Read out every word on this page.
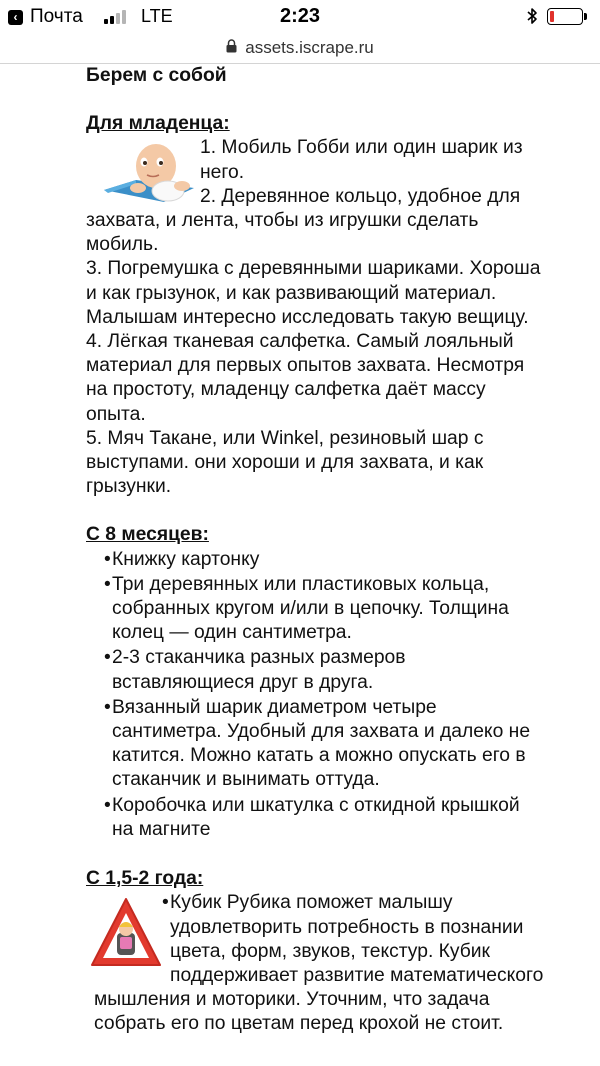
‹ Почта	LTE	2:23
assets.iscrape.ru

Берем с собой

Для младенца:

1. Мобиль Гобби или один шарик из него.

2. Деревянное кольцо, удобное для захвата, и лента, чтобы из игрушки сделать мобиль.

3. Погремушка с деревянными шариками. Хороша и как грызунок, и как развивающий материал. Малышам интересно исследовать такую вещицу.

4. Лёгкая тканевая салфетка. Самый лояльный материал для первых опытов захвата. Несмотря на простоту, младенцу салфетка даёт массу опыта.

5. Мяч Такане, или Winkel, резиновый шар с выступами. они хороши и для захвата, и как грызунки.

С 8 месяцев:

•Книжку картонку
•Три деревянных или пластиковых кольца, собранных кругом и/или в цепочку. Толщина колец — один сантиметра.
•2-3 стаканчика разных размеров вставляющиеся друг в друга.
•Вязанный шарик диаметром четыре сантиметра. Удобный для захвата и далеко не катится. Можно катать а можно опускать его в стаканчик и вынимать оттуда.
•Коробочка или шкатулка с откидной крышкой на магните

С 1,5-2 года:

•Кубик Рубика поможет малышу удовлетворить потребность в познании цвета, форм, звуков, текстур. Кубик поддерживает развитие математического мышления и моторики. Уточним, что задача собрать его по цветам перед крохой не стоит.
